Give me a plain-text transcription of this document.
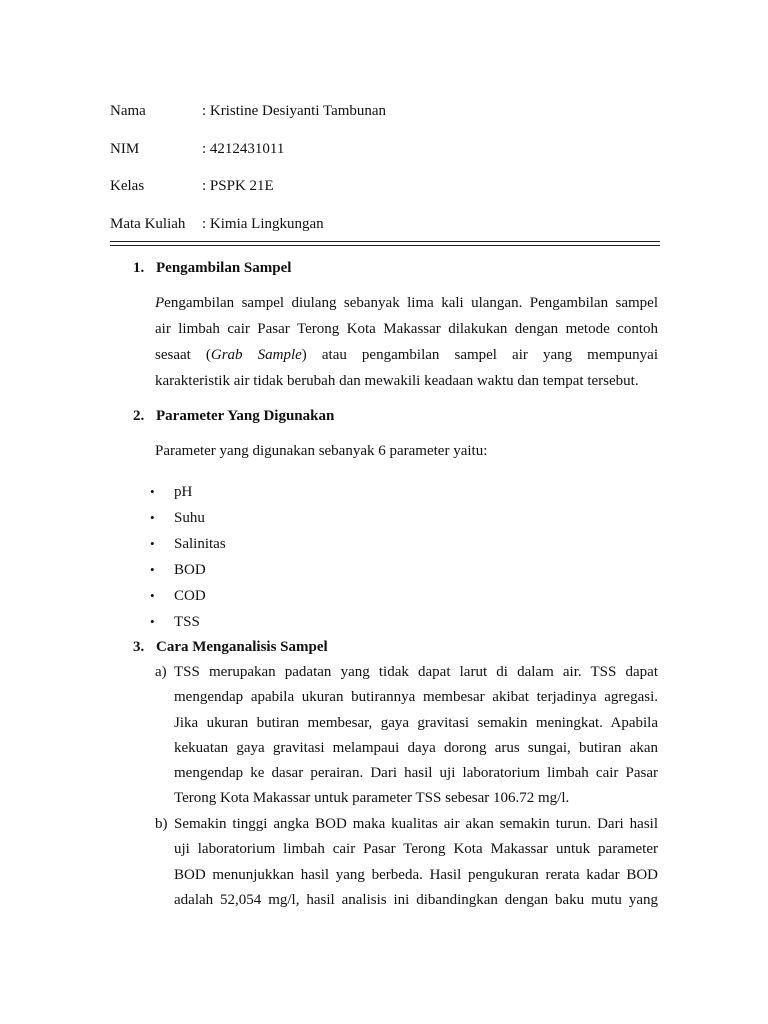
Nama	: Kristine Desiyanti Tambunan
NIM	: 4212431011
Kelas	: PSPK 21E
Mata Kuliah : Kimia Lingkungan
1. Pengambilan Sampel
Pengambilan sampel diulang sebanyak lima kali ulangan. Pengambilan sampel
air limbah cair Pasar Terong Kota Makassar dilakukan dengan metode contoh
sesaat (Grab Sample) atau pengambilan sampel air yang mempunyai
karakteristik air tidak berubah dan mewakili keadaan waktu dan tempat tersebut.
2. Parameter Yang Digunakan
Parameter yang digunakan sebanyak 6 parameter yaitu:
• pH
• Suhu
• Salinitas
• BOD
• COD
• TSS
3. Cara Menganalisis Sampel
a) TSS merupakan padatan yang tidak dapat larut di dalam air. TSS dapat
mengendap apabila ukuran butirannya membesar akibat terjadinya agregasi.
Jika ukuran butiran membesar, gaya gravitasi semakin meningkat. Apabila
kekuatan gaya gravitasi melampaui daya dorong arus sungai, butiran akan
mengendap ke dasar perairan. Dari hasil uji laboratorium limbah cair Pasar
Terong Kota Makassar untuk parameter TSS sebesar 106.72 mg/l.
b) Semakin tinggi angka BOD maka kualitas air akan semakin turun. Dari hasil
uji laboratorium limbah cair Pasar Terong Kota Makassar untuk parameter
BOD menunjukkan hasil yang berbeda. Hasil pengukuran rerata kadar BOD
adalah 52,054 mg/l, hasil analisis ini dibandingkan dengan baku mutu yang
